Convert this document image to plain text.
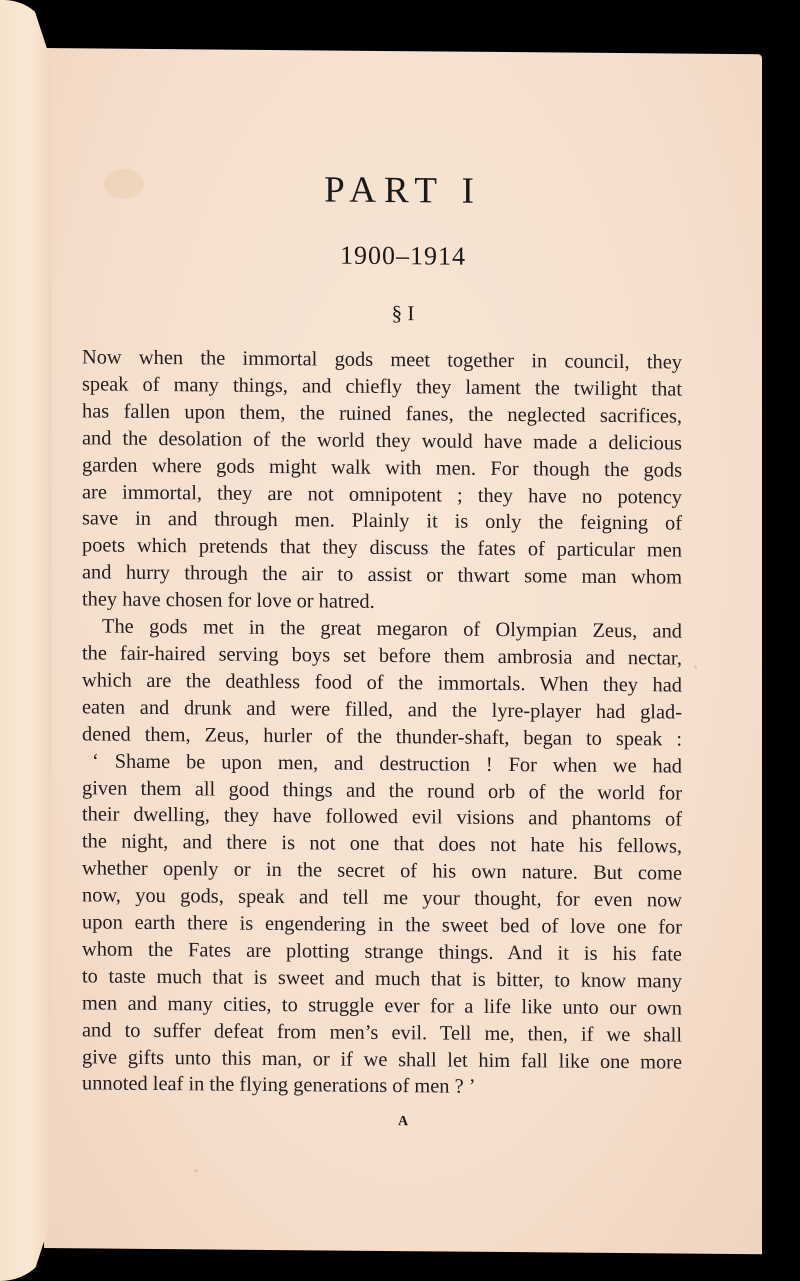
PART I
1900–1914
§ I
Now when the immortal gods meet together in council, they
speak of many things, and chiefly they lament the twilight that
has fallen upon them, the ruined fanes, the neglected sacrifices,
and the desolation of the world they would have made a delicious
garden where gods might walk with men. For though the gods
are immortal, they are not omnipotent ; they have no potency
save in and through men. Plainly it is only the feigning of
poets which pretends that they discuss the fates of particular men
and hurry through the air to assist or thwart some man whom
they have chosen for love or hatred.
The gods met in the great megaron of Olympian Zeus, and
the fair-haired serving boys set before them ambrosia and nectar,
which are the deathless food of the immortals. When they had
eaten and drunk and were filled, and the lyre-player had glad-
dened them, Zeus, hurler of the thunder-shaft, began to speak :
‘ Shame be upon men, and destruction ! For when we had
given them all good things and the round orb of the world for
their dwelling, they have followed evil visions and phantoms of
the night, and there is not one that does not hate his fellows,
whether openly or in the secret of his own nature. But come
now, you gods, speak and tell me your thought, for even now
upon earth there is engendering in the sweet bed of love one for
whom the Fates are plotting strange things. And it is his fate
to taste much that is sweet and much that is bitter, to know many
men and many cities, to struggle ever for a life like unto our own
and to suffer defeat from men’s evil. Tell me, then, if we shall
give gifts unto this man, or if we shall let him fall like one more
unnoted leaf in the flying generations of men ? ’
A
